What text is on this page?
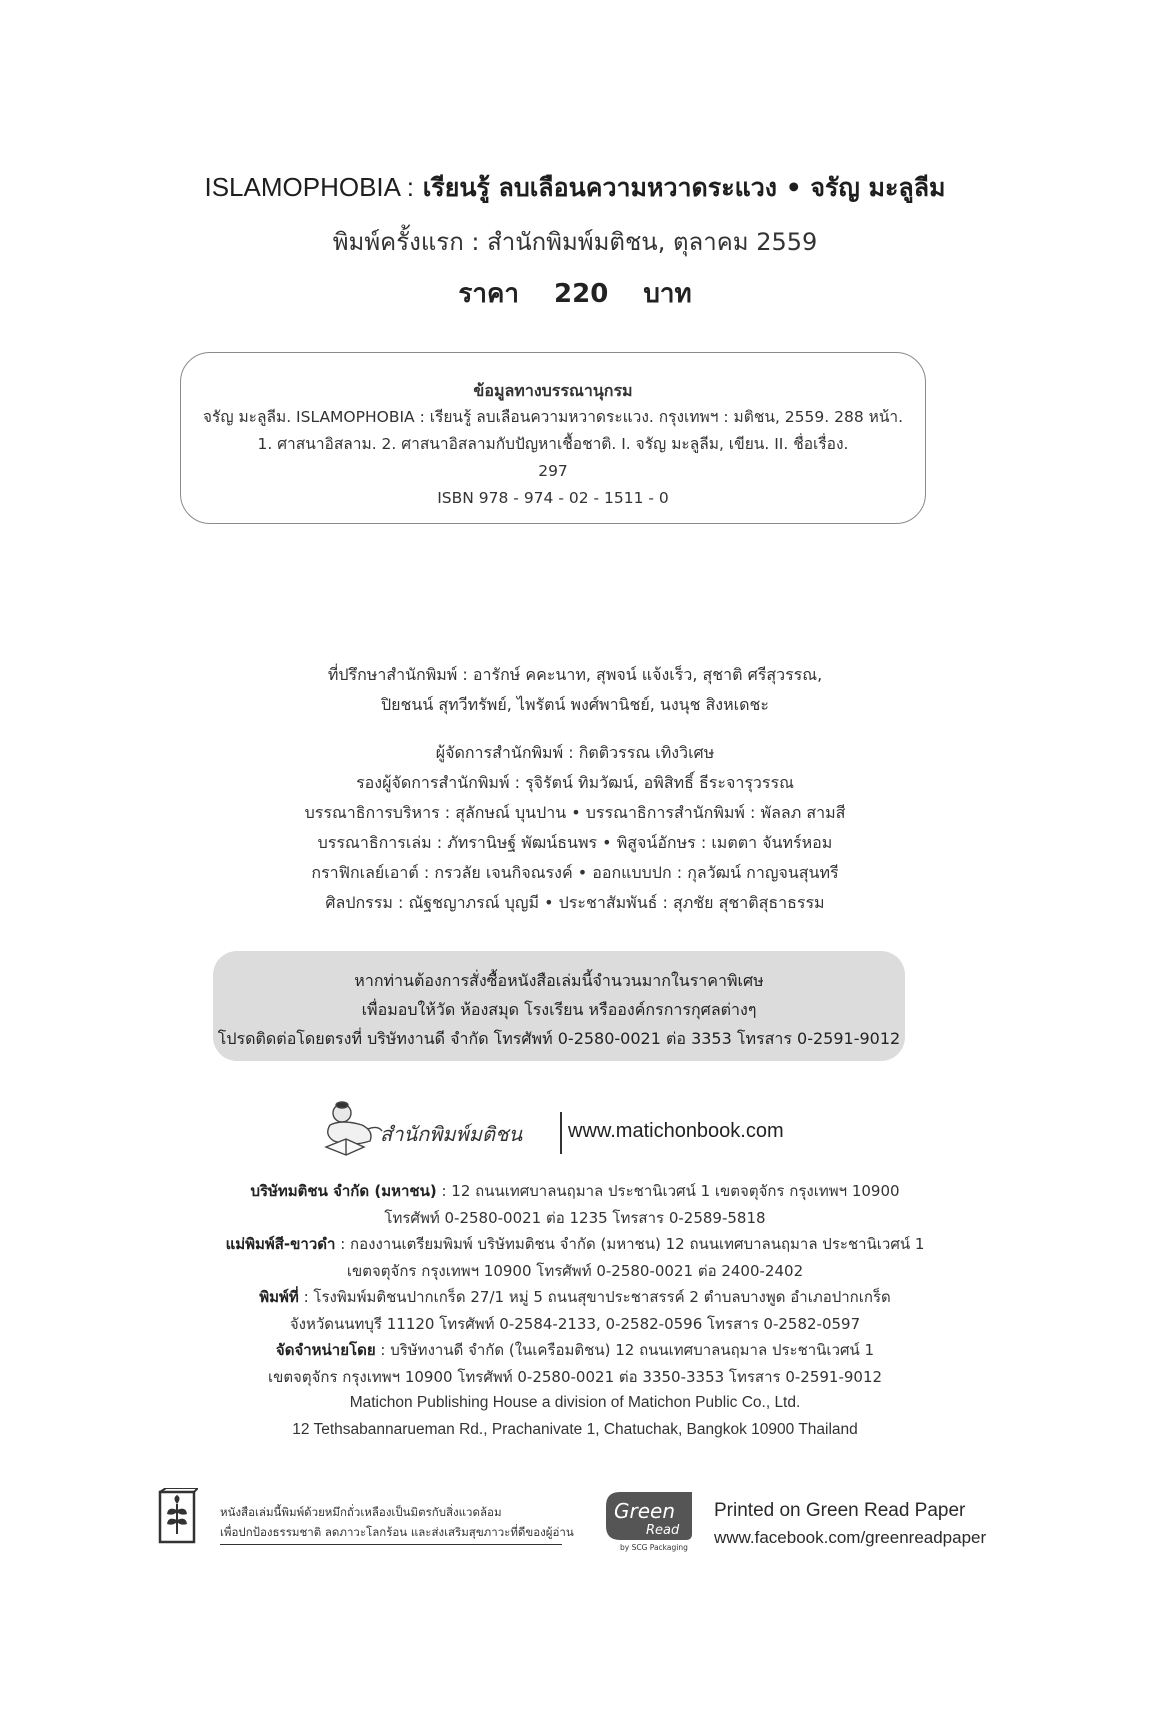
ISLAMOPHOBIA : เรียนรู้ ลบเลือนความหวาดระแวง • จรัญ มะลูลีม
พิมพ์ครั้งแรก : สำนักพิมพ์มติชน, ตุลาคม 2559
ราคา 220 บาท
ข้อมูลทางบรรณานุกรม
จรัญ มะลูลีม. ISLAMOPHOBIA : เรียนรู้ ลบเลือนความหวาดระแวง. กรุงเทพฯ : มติชน, 2559. 288 หน้า.
1. ศาสนาอิสลาม. 2. ศาสนาอิสลามกับปัญหาเชื้อชาติ. I. จรัญ มะลูลีม, เขียน. II. ชื่อเรื่อง.
297
ISBN 978 - 974 - 02 - 1511 - 0
ที่ปรึกษาสำนักพิมพ์ : อารักษ์ คคะนาท, สุพจน์ แจ้งเร็ว, สุชาติ ศรีสุวรรณ,
ปิยชนน์ สุทวีทรัพย์, ไพรัตน์ พงศ์พานิชย์, นงนุช สิงหเดชะ
ผู้จัดการสำนักพิมพ์ : กิตติวรรณ เทิงวิเศษ
รองผู้จัดการสำนักพิมพ์ : รุจิรัตน์ ทิมวัฒน์, อพิสิทธิ์ ธีระจารุวรรณ
บรรณาธิการบริหาร : สุลักษณ์ บุนปาน • บรรณาธิการสำนักพิมพ์ : พัลลภ สามสี
บรรณาธิการเล่ม : ภัทรานิษฐ์ พัฒน์ธนพร • พิสูจน์อักษร : เมตตา จันทร์หอม
กราฟิกเลย์เอาต์ : กรวลัย เจนกิจณรงค์ • ออกแบบปก : กุลวัฒน์ กาญจนสุนทรี
ศิลปกรรม : ณัฐชญาภรณ์ บุญมี • ประชาสัมพันธ์ : สุภชัย สุชาติสุธาธรรม
หากท่านต้องการสั่งซื้อหนังสือเล่มนี้จำนวนมากในราคาพิเศษ
เพื่อมอบให้วัด ห้องสมุด โรงเรียน หรือองค์กรการกุศลต่างๆ
โปรดติดต่อโดยตรงที่ บริษัทงานดี จำกัด โทรศัพท์ 0-2580-0021 ต่อ 3353 โทรสาร 0-2591-9012
สำนักพิมพ์มติชน www.matichonbook.com
บริษัทมติชน จำกัด (มหาชน) : 12 ถนนเทศบาลนฤมาล ประชานิเวศน์ 1 เขตจตุจักร กรุงเทพฯ 10900
โทรศัพท์ 0-2580-0021 ต่อ 1235 โทรสาร 0-2589-5818
แม่พิมพ์สี-ขาวดำ : กองงานเตรียมพิมพ์ บริษัทมติชน จำกัด (มหาชน) 12 ถนนเทศบาลนฤมาล ประชานิเวศน์ 1
เขตจตุจักร กรุงเทพฯ 10900 โทรศัพท์ 0-2580-0021 ต่อ 2400-2402
พิมพ์ที่ : โรงพิมพ์มติชนปากเกร็ด 27/1 หมู่ 5 ถนนสุขาประชาสรรค์ 2 ตำบลบางพูด อำเภอปากเกร็ด
จังหวัดนนทบุรี 11120 โทรศัพท์ 0-2584-2133, 0-2582-0596 โทรสาร 0-2582-0597
จัดจำหน่ายโดย : บริษัทงานดี จำกัด (ในเครือมติชน) 12 ถนนเทศบาลนฤมาล ประชานิเวศน์ 1
เขตจตุจักร กรุงเทพฯ 10900 โทรศัพท์ 0-2580-0021 ต่อ 3350-3353 โทรสาร 0-2591-9012
Matichon Publishing House a division of Matichon Public Co., Ltd.
12 Tethsabannarueman Rd., Prachanivate 1, Chatuchak, Bangkok 10900 Thailand
หนังสือเล่มนี้พิมพ์ด้วยหมึกถั่วเหลืองเป็นมิตรกับสิ่งแวดล้อม
เพื่อปกป้องธรรมชาติ ลดภาวะโลกร้อน และส่งเสริมสุขภาวะที่ดีของผู้อ่าน
Green
Read
by SCG Packaging
Printed on Green Read Paper
www.facebook.com/greenreadpaper
